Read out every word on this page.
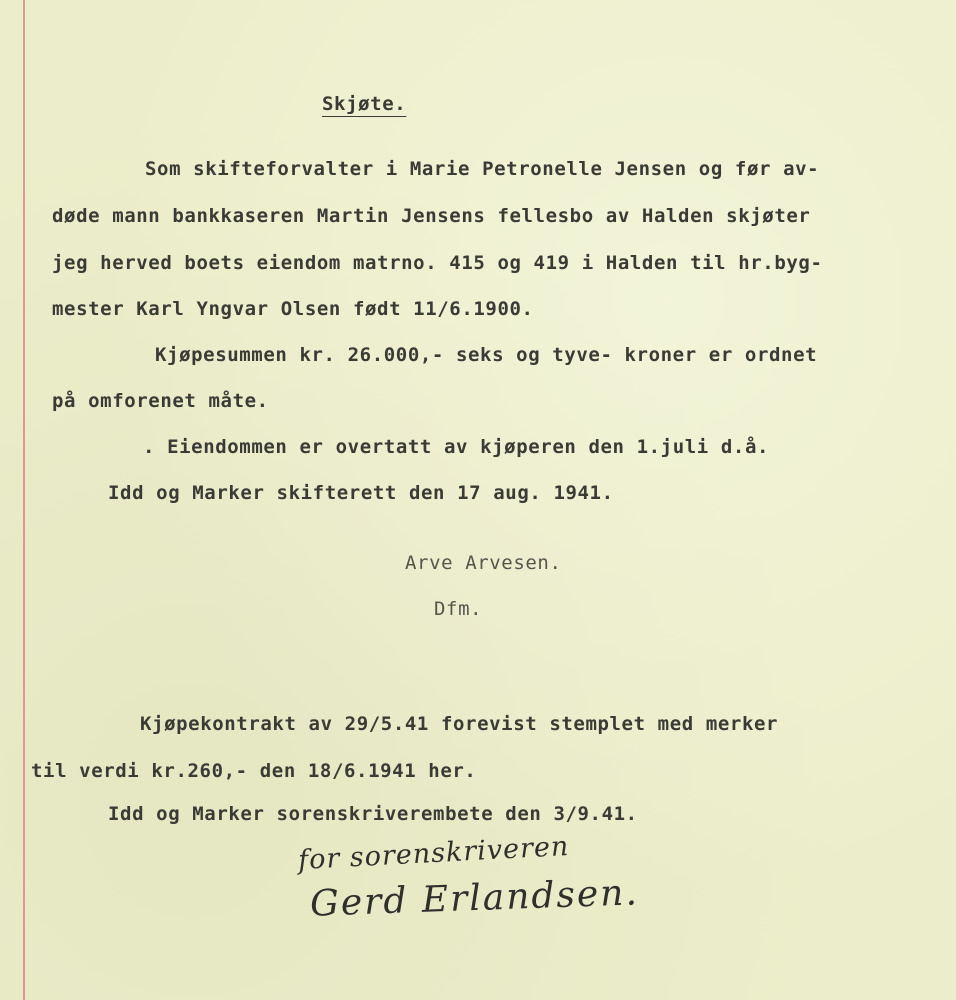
Skjøte.
Som skifteforvalter i Marie Petronelle Jensen og før av-
døde mann bankkaseren Martin Jensens fellesbo av Halden skjøter
jeg herved boets eiendom matrno. 415 og 419 i Halden til hr.byg-
mester Karl Yngvar Olsen født 11/6.1900.
Kjøpesummen kr. 26.000,- seks og tyve- kroner er ordnet
på omforenet måte.
. Eiendommen er overtatt av kjøperen den 1.juli d.å.
Idd og Marker skifterett den 17 aug. 1941.
Arve Arvesen.
Dfm.
Kjøpekontrakt av 29/5.41 forevist stemplet med merker
til verdi kr.260,- den 18/6.1941 her.
Idd og Marker sorenskriverembete den 3/9.41.
for sorenskriveren
Gerd Erlandsen.
